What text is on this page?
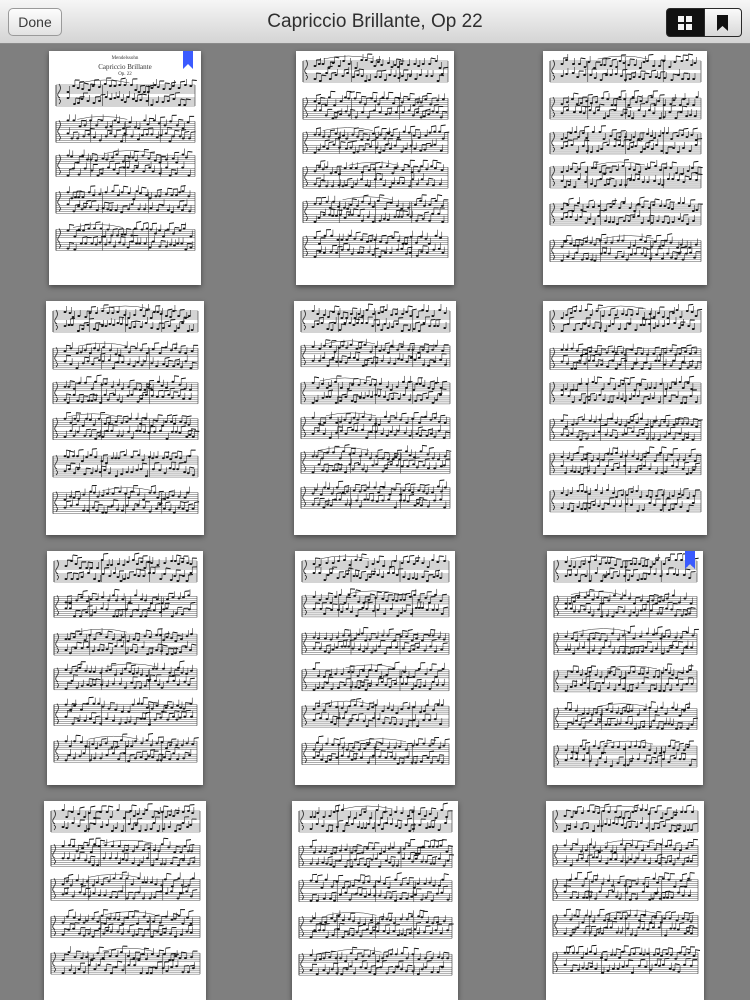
Done	Capriccio Brillante, Op 22
Mendelssohn
Capriccio Brillante
Op. 22
